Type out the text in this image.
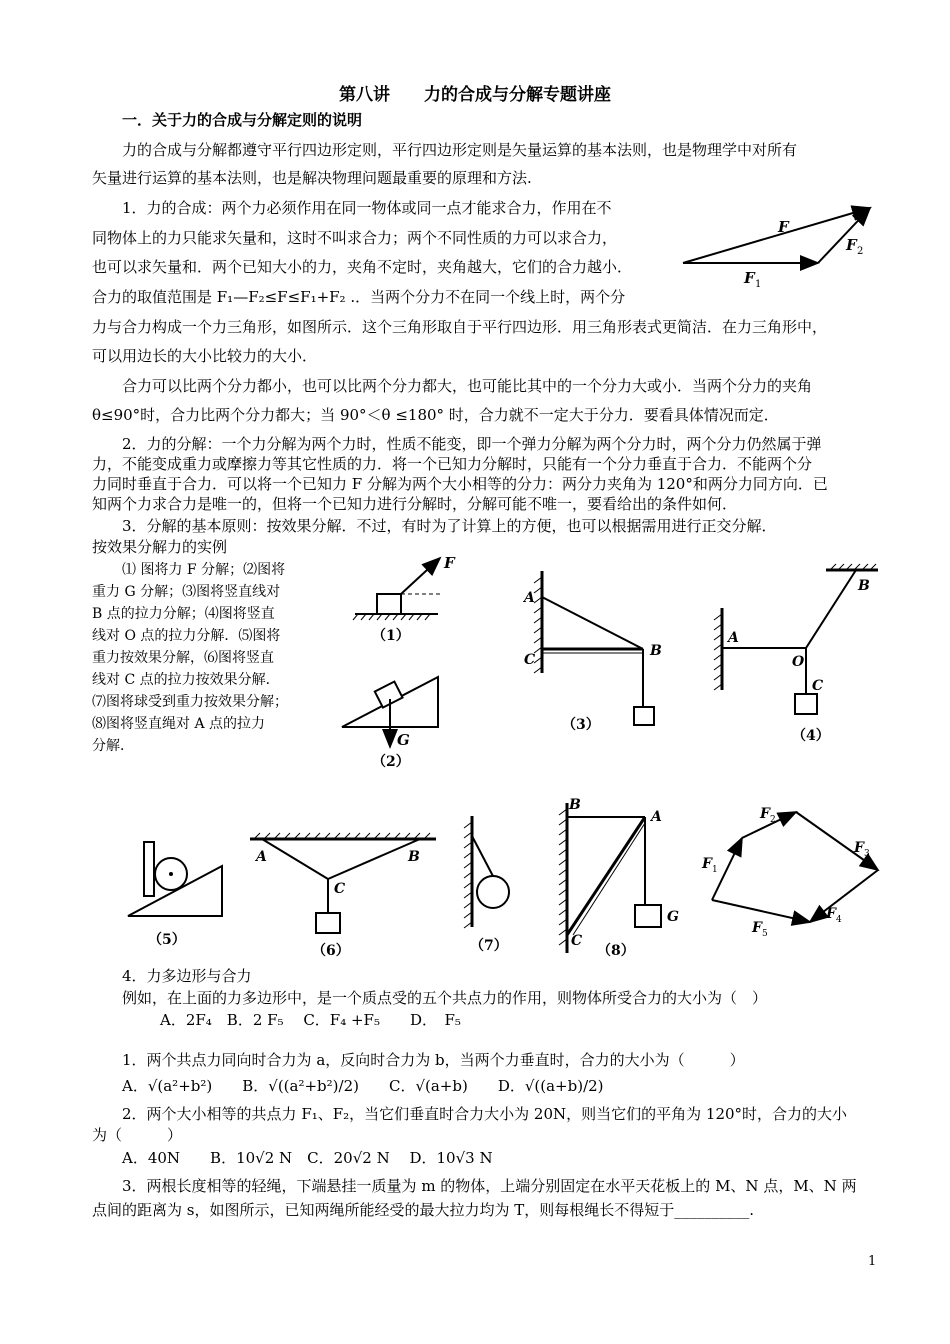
第八讲　　力的合成与分解专题讲座
一．关于力的合成与分解定则的说明
力的合成与分解都遵守平行四边形定则，平行四边形定则是矢量运算的基本法则，也是物理学中对所有
矢量进行运算的基本法则，也是解决物理问题最重要的原理和方法.
1．力的合成：两个力必须作用在同一物体或同一点才能求合力，作用在不
同物体上的力只能求矢量和，这时不叫求合力；两个不同性质的力可以求合力，
也可以求矢量和．两个已知大小的力，夹角不定时，夹角越大，它们的合力越小．
合力的取值范围是 F₁—F₂≤F≤F₁+F₂ .．当两个分力不在同一个线上时，两个分
力与合力构成一个力三角形，如图所示．这个三角形取自于平行四边形．用三角形表式更简洁．在力三角形中，
可以用边长的大小比较力的大小．
合力可以比两个分力都小，也可以比两个分力都大，也可能比其中的一个分力大或小．当两个分力的夹角
θ≤90°时，合力比两个分力都大；当 90°＜θ ≤180° 时，合力就不一定大于分力．要看具体情况而定．
2．力的分解：一个力分解为两个力时，性质不能变，即一个弹力分解为两个分力时，两个分力仍然属于弹
力，不能变成重力或摩擦力等其它性质的力．将一个已知力分解时，只能有一个分力垂直于合力．不能两个分
力同时垂直于合力．可以将一个已知力 F 分解为两个大小相等的分力：两分力夹角为 120°和两分力同方向．已
知两个力求合力是唯一的，但将一个已知力进行分解时，分解可能不唯一，要看给出的条件如何．
3．分解的基本原则：按效果分解．不过，有时为了计算上的方便，也可以根据需用进行正交分解．
按效果分解力的实例
⑴ 图将力 F 分解；⑵图将
重力 G 分解；⑶图将竖直线对
B 点的拉力分解；⑷图将竖直
线对 O 点的拉力分解．⑸图将
重力按效果分解，⑹图将竖直
线对 C 点的拉力按效果分解．
⑺图将球受到重力按效果分解；
⑻图将竖直绳对 A 点的拉力
分解．
4．力多边形与合力
例如，在上面的力多边形中，是一个质点受的五个共点力的作用，则物体所受合力的大小为（　）
A．2F₄　B．2 F₅　 C．F₄ +F₅　　D．　F₅
1．两个共点力同向时合力为 a，反向时合力为 b，当两个力垂直时，合力的大小为（　　　）
A．√(a²+b²)　　B．√((a²+b²)/2)　　C．√(a+b)　　D．√((a+b)/2)
2．两个大小相等的共点力 F₁、F₂，当它们垂直时合力大小为 20N，则当它们的平角为 120°时，合力的大小
为（　　　）
A．40N　　B．10√2 N　C．20√2 N　 D．10√3 N
3．两根长度相等的轻绳，下端悬挂一质量为 m 的物体，上端分别固定在水平天花板上的 M、N 点，M、N 两
点间的距离为 s，如图所示，已知两绳所能经受的最大拉力均为 T，则每根绳长不得短于__________.
1
F
F 1
F 2
F
（1）
G
（2）
A
B
C
（3）
A
B
O
C
（4）
（5）
A	B
C
（6）	（7）
B
A
C
G
（8）
F 1
F 2
F 3
F 4
F 5
